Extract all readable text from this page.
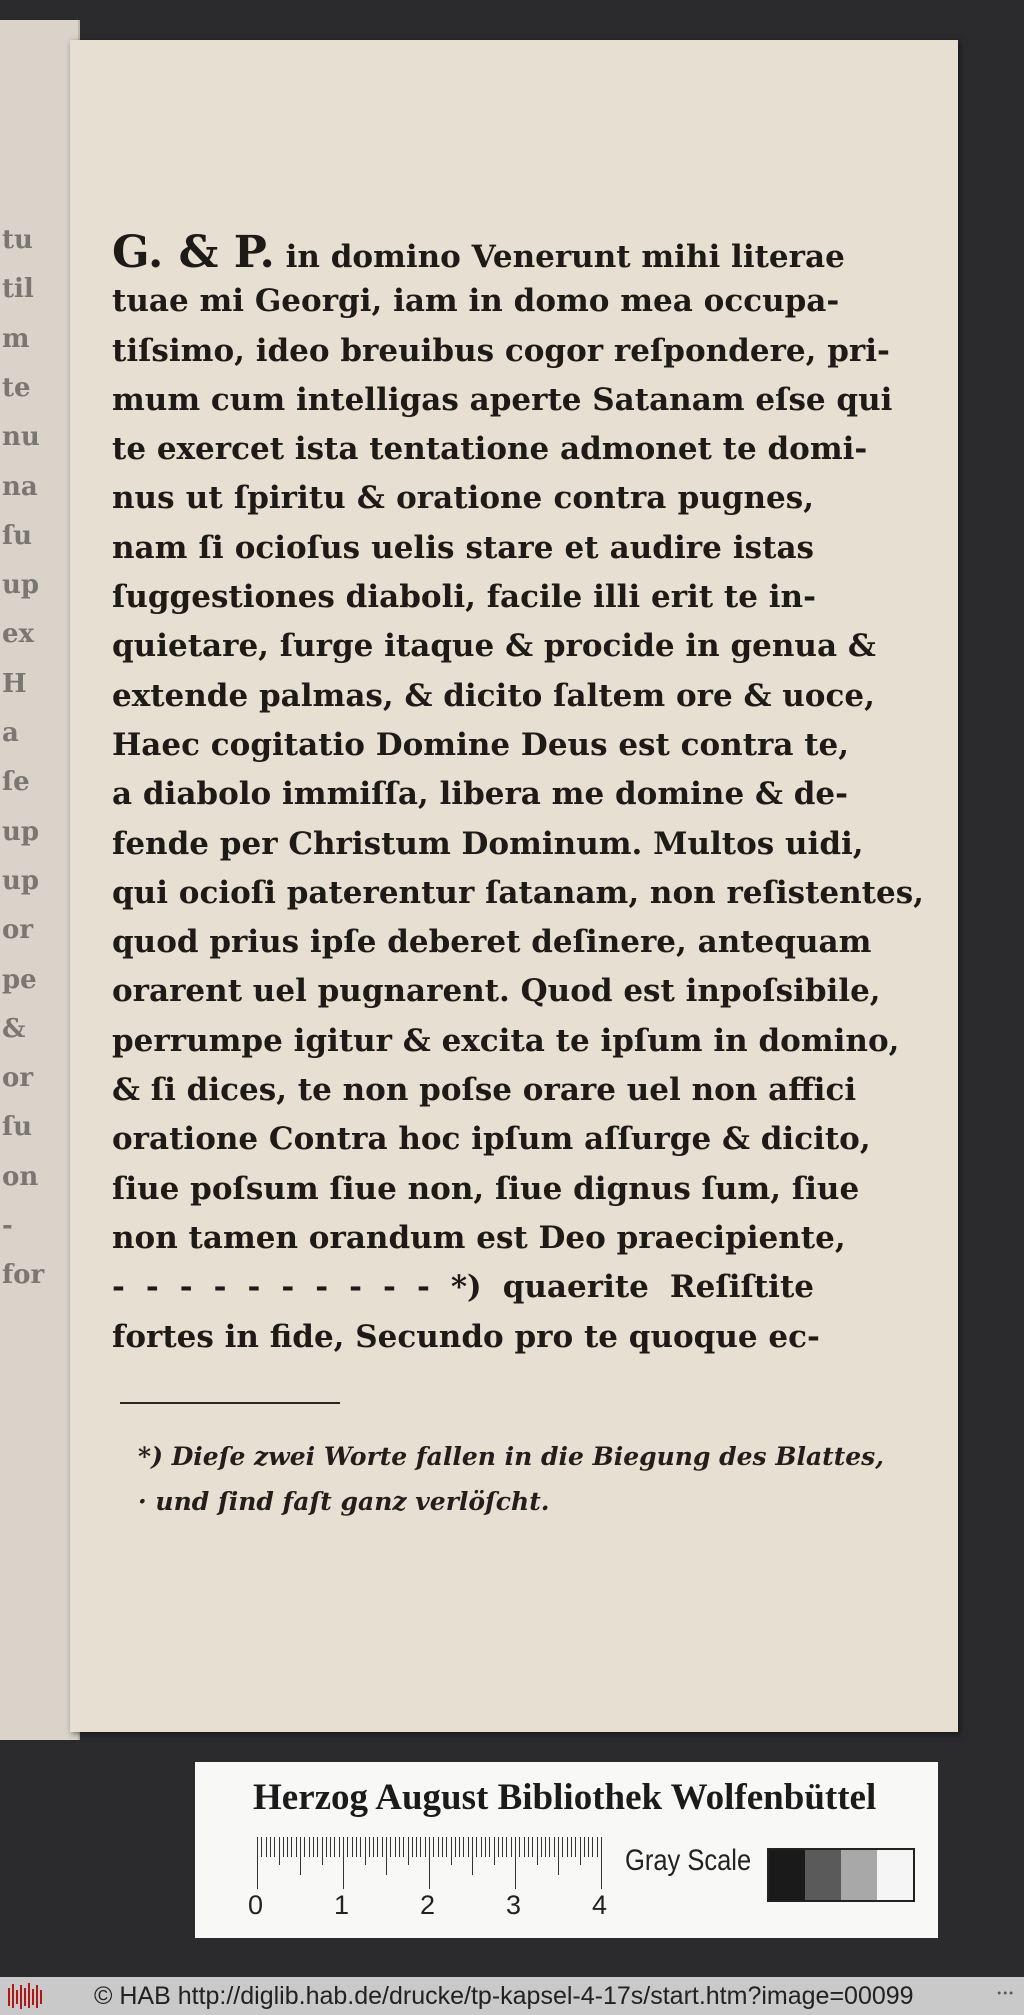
tu
til
m
te
nu
na
ſu
up
ex
H
a
ſe
up
up
or
pe
&
or
ſu
on
-
for
G. & P. in domino Venerunt mihi literae
tuae mi Georgi, iam in domo mea occupa-
tiſsimo, ideo breuibus cogor reſpondere, pri-
mum cum intelligas aperte Satanam eſse qui
te exercet ista tentatione admonet te domi-
nus ut ſpiritu & oratione contra pugnes,
nam ſi ocioſus uelis stare et audire istas
ſuggestiones diaboli, facile illi erit te in-
quietare, ſurge itaque & procide in genua &
extende palmas, & dicito ſaltem ore & uoce,
Haec cogitatio Domine Deus est contra te,
a diabolo immiſſa, libera me domine & de-
fende per Christum Dominum. Multos uidi,
qui ocioſi paterentur ſatanam, non reſistentes,
quod prius ipſe deberet deſinere, antequam
orarent uel pugnarent. Quod est inpoſsibile,
perrumpe igitur & excita te ipſum in domino,
& ſi dices, te non poſse orare uel non affici
oratione Contra hoc ipſum aſſurge & dicito,
ſiue poſsum ſiue non, ſiue dignus ſum, ſiue
non tamen orandum est Deo praecipiente,
- - - - - - - - - - *) quaerite Reſiſtite
fortes in fide, Secundo pro te quoque ec-
*) Dieſe zwei Worte fallen in die Biegung des Blattes,
· und ſind faſt ganz verlöſcht.
Herzog August Bibliothek Wolfenbüttel
0	1	2	3	4
Gray Scale
© HAB http://diglib.hab.de/drucke/tp-kapsel-4-17s/start.htm?image=00099	•••
